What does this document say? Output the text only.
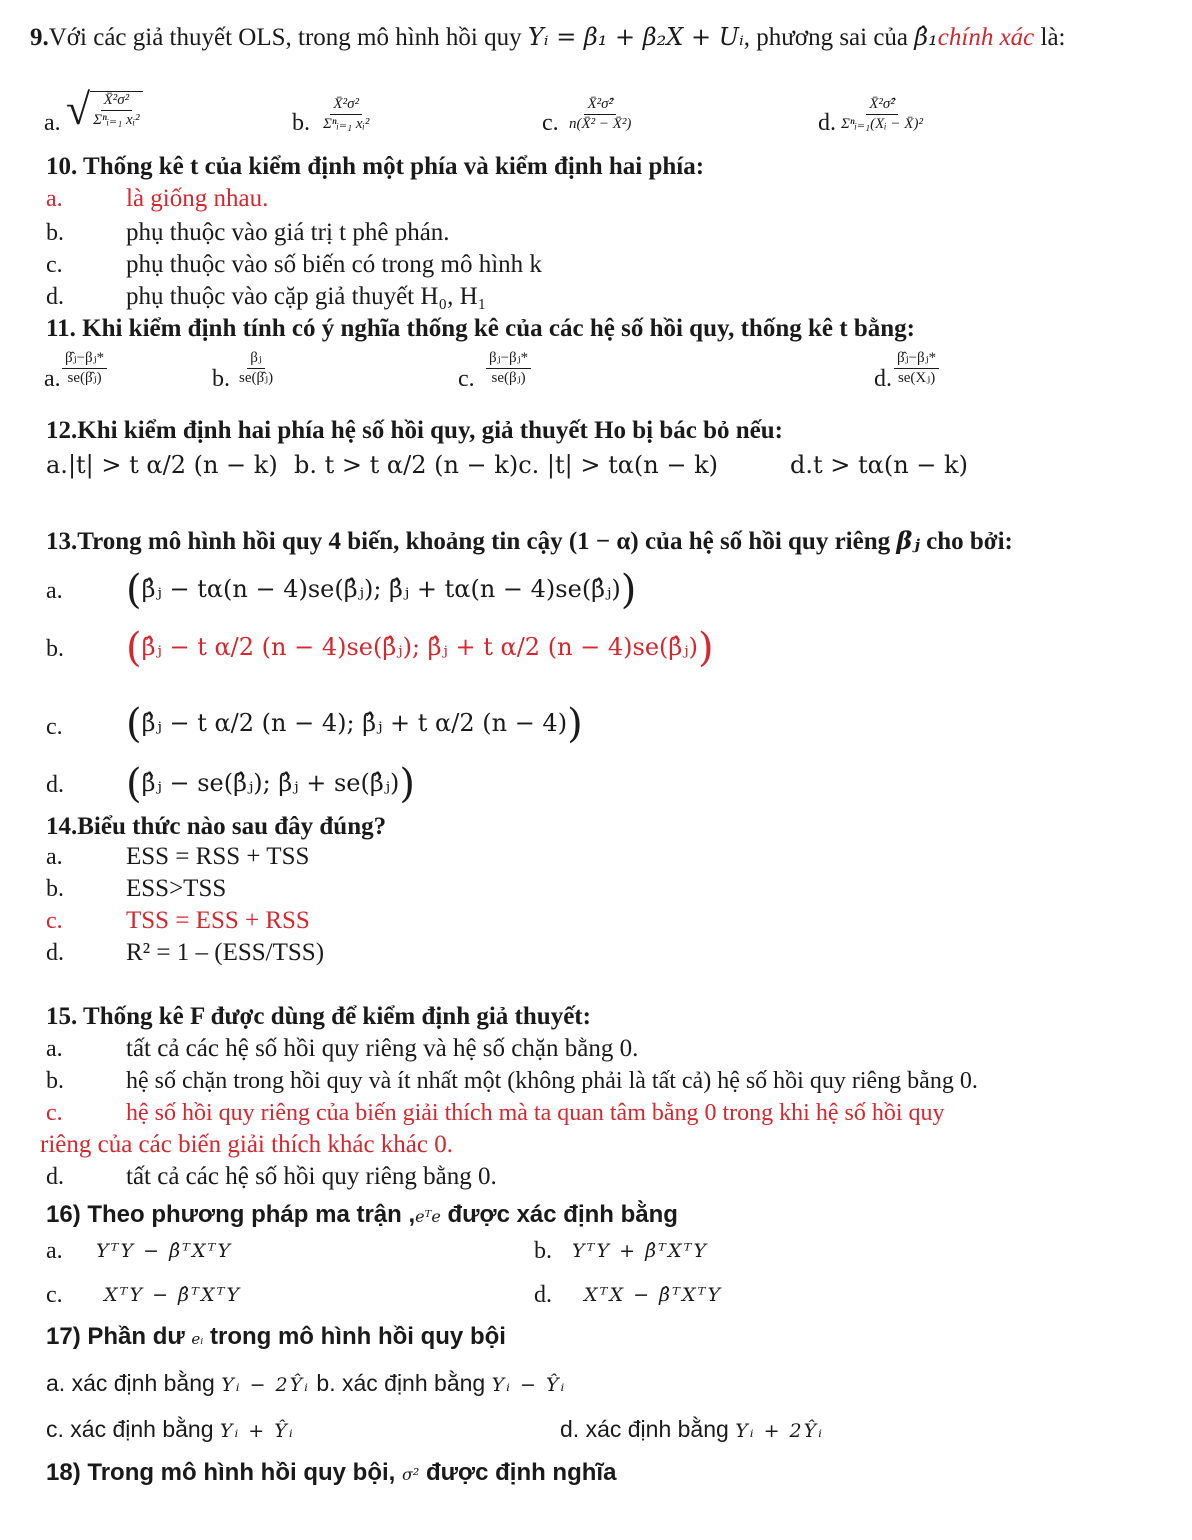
9.Với các giả thuyết OLS, trong mô hình hồi quy Yᵢ = β₁ + β₂X + Uᵢ, phương sai của β̂₁chính xác là:
a. √ $\frac{\text{X̄²σ²}}{\text{Σⁿᵢ₌₁ xᵢ²}}$	b. $\frac{\text{X̄²σ²}}{\text{Σⁿᵢ₌₁ xᵢ²}}$	c. $\frac{\text{X̄²σ̂²}}{\text{n(X̄² − X̄²)}}$	d. $\frac{\text{X̄²σ̂²}}{\text{Σⁿᵢ₌₁(Xᵢ − X̄)²}}$
10. Thống kê t của kiểm định một phía và kiểm định hai phía:
a.	là giống nhau.
b. phụ thuộc vào giá trị t phê phán.
c.	phụ thuộc vào số biến có trong mô hình k
d. phụ thuộc vào cặp giả thuyết H₀, H₁
11. Khi kiểm định tính có ý nghĩa thống kê của các hệ số hồi quy, thống kê t bằng:
a. $\frac{\text{β̂ⱼ−βⱼ*}}{\text{se(β̂ⱼ)}}$	b. $\frac{\text{βⱼ}}{\text{se(β̂ⱼ)}}$	c. $\frac{\text{βⱼ−βⱼ*}}{\text{se(βⱼ)}}$	d. $\frac{\text{β̂ⱼ−βⱼ*}}{\text{se(Xⱼ)}}$
12.Khi kiểm định hai phía hệ số hồi quy, giả thuyết Ho bị bác bỏ nếu:
a.|t| > t α/2 (n − k) b. t > t α/2 (n − k)c. |t| > tα(n − k)	d.t > tα(n − k)
13.Trong mô hình hồi quy 4 biến, khoảng tin cậy (1 − α) của hệ số hồi quy riêng βⱼ cho bởi:
a. (β̂ⱼ − tα(n − 4)se(β̂ⱼ); β̂ⱼ + tα(n − 4)se(β̂ⱼ))
b. (β̂ⱼ − t α/2 (n − 4)se(β̂ⱼ); β̂ⱼ + t α/2 (n − 4)se(β̂ⱼ))
c. (β̂ⱼ − t α/2 (n − 4); β̂ⱼ + t α/2 (n − 4))
d. (β̂ⱼ − se(β̂ⱼ); β̂ⱼ + se(β̂ⱼ))
14.Biểu thức nào sau đây đúng?
a.	ESS = RSS + TSS
b. ESS>TSS
c.	TSS = ESS + RSS
d. R² = 1 – (ESS/TSS)
15. Thống kê F được dùng để kiểm định giả thuyết:
a.	tất cả các hệ số hồi quy riêng và hệ số chặn bằng 0.
b.	hệ số chặn trong hồi quy và ít nhất một (không phải là tất cả) hệ số hồi quy riêng bằng 0.
c.	hệ số hồi quy riêng của biến giải thích mà ta quan tâm bằng 0 trong khi hệ số hồi quy
riêng của các biến giải thích khác khác 0.
d. tất cả các hệ số hồi quy riêng bằng 0.
16) Theo phương pháp ma trận ,eᵀe được xác định bằng
a. YᵀY − β̂ᵀXᵀY	b. YᵀY + β̂ᵀXᵀY
c. XᵀY − β̂ᵀXᵀY	d. XᵀX − β̂ᵀXᵀY
17) Phần dư eᵢ trong mô hình hồi quy bội
a. xác định bằng Yᵢ − 2Ŷᵢ b. xác định bằng Yᵢ − Ŷᵢ
c. xác định bằng Yᵢ + Ŷᵢ	d. xác định bằng Yᵢ + 2Ŷᵢ
18) Trong mô hình hồi quy bội, σ² được định nghĩa
